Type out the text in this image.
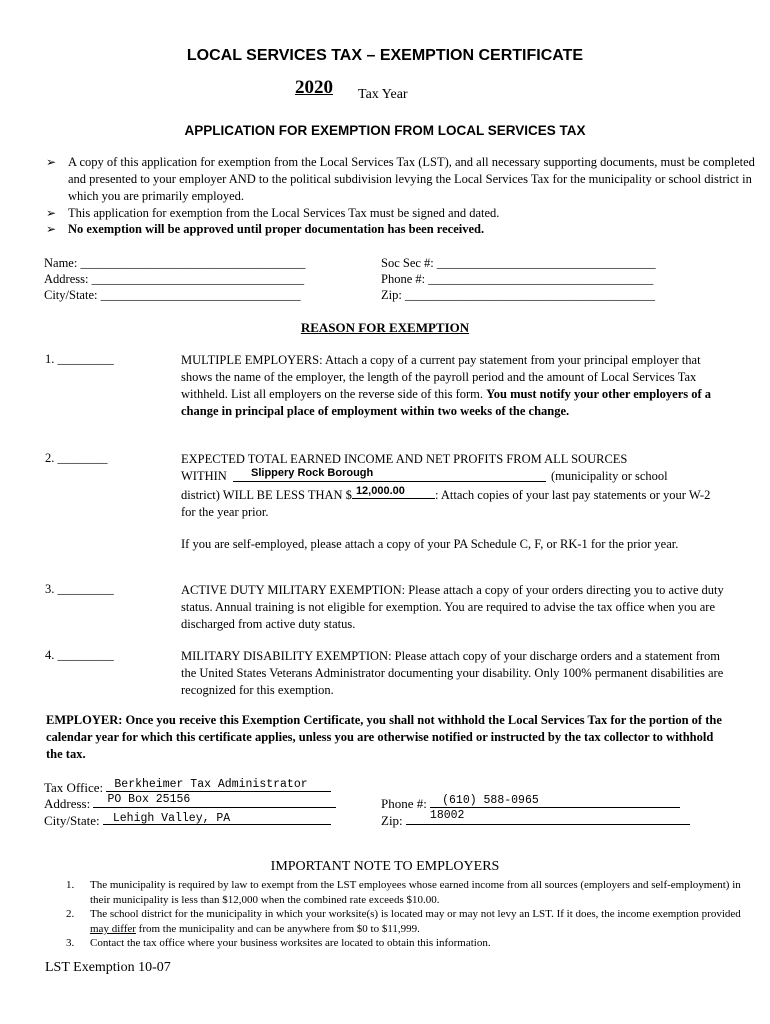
LOCAL SERVICES TAX – EXEMPTION CERTIFICATE
2020 Tax Year
APPLICATION FOR EXEMPTION FROM LOCAL SERVICES TAX
➢ A copy of this application for exemption from the Local Services Tax (LST), and all necessary supporting documents, must be completed and presented to your employer AND to the political subdivision levying the Local Services Tax for the municipality or school district in which you are primarily employed.
➢ This application for exemption from the Local Services Tax must be signed and dated.
➢ No exemption will be approved until proper documentation has been received.
Name: ____________________________________
Address: __________________________________
City/State: ________________________________
Soc Sec #: ___________________________________
Phone #: ____________________________________
Zip: ________________________________________
REASON FOR EXEMPTION
1. _________	MULTIPLE EMPLOYERS: Attach a copy of a current pay statement from your principal employer that shows the name of the employer, the length of the payroll period and the amount of Local Services Tax withheld. List all employers on the reverse side of this form. You must notify your other employers of a change in principal place of employment within two weeks of the change.
2. ________	EXPECTED TOTAL EARNED INCOME AND NET PROFITS FROM ALL SOURCES
WITHIN Slippery Rock Borough	(municipality or school
district) WILL BE LESS THAN $ 12,000.00 : Attach copies of your last pay statements or your W-2 for the year prior.
If you are self-employed, please attach a copy of your PA Schedule C, F, or RK-1 for the prior year.
3. _________	ACTIVE DUTY MILITARY EXEMPTION: Please attach a copy of your orders directing you to active duty status. Annual training is not eligible for exemption. You are required to advise the tax office when you are discharged from active duty status.
4. _________	MILITARY DISABILITY EXEMPTION: Please attach copy of your discharge orders and a statement from the United States Veterans Administrator documenting your disability. Only 100% permanent disabilities are recognized for this exemption.
EMPLOYER: Once you receive this Exemption Certificate, you shall not withhold the Local Services Tax for the portion of the calendar year for which this certificate applies, unless you are otherwise notified or instructed by the tax collector to withhold the tax.
Tax Office: Berkheimer Tax Administrator
Address: PO Box 25156
City/State: Lehigh Valley, PA
Phone #: (610) 588-0965
Zip: 18002
IMPORTANT NOTE TO EMPLOYERS
1. The municipality is required by law to exempt from the LST employees whose earned income from all sources (employers and self-employment) in their municipality is less than $12,000 when the combined rate exceeds $10.00.
2. The school district for the municipality in which your worksite(s) is located may or may not levy an LST. If it does, the income exemption provided may differ from the municipality and can be anywhere from $0 to $11,999.
3. Contact the tax office where your business worksites are located to obtain this information.
LST Exemption 10-07
